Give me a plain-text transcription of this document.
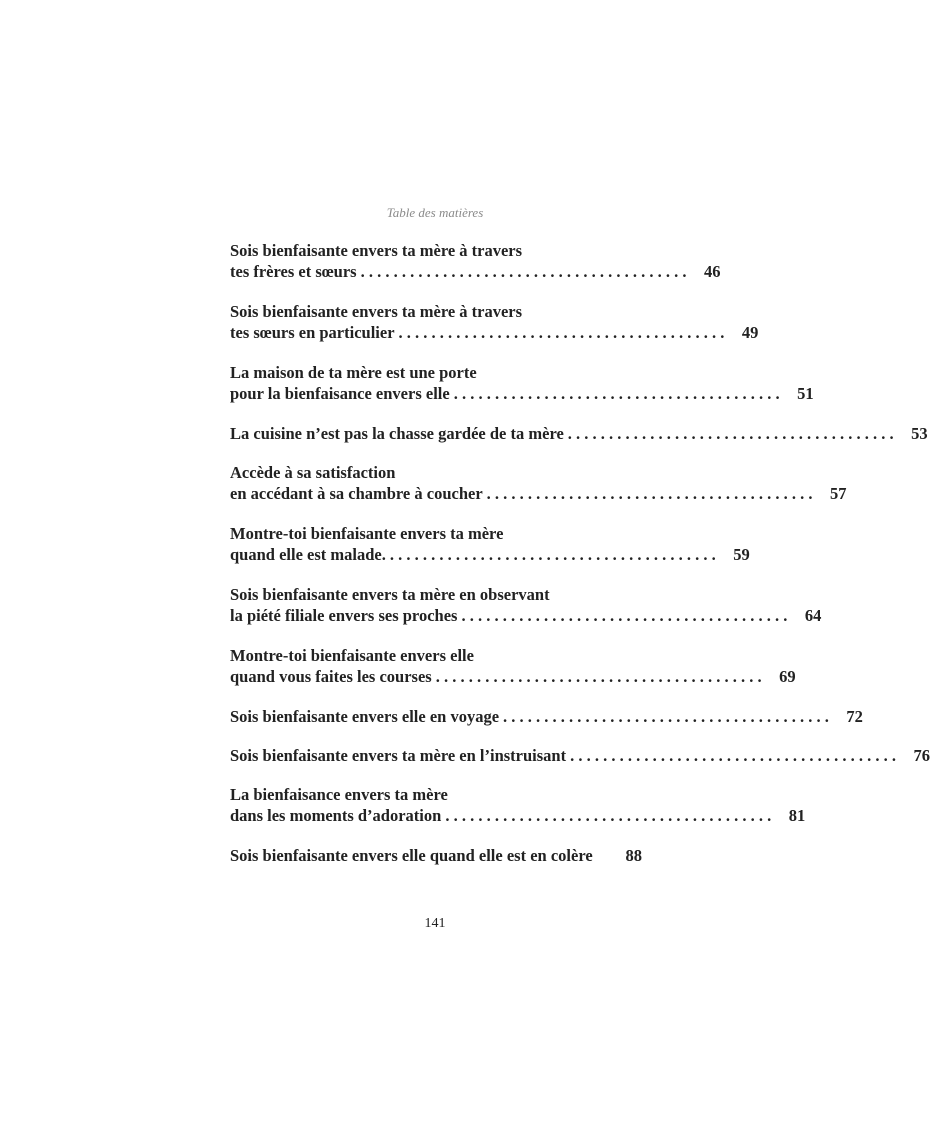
Table des matières
Sois bienfaisante envers ta mère à travers
tes frères et sœurs . . . . . . . . . . . . . . . . . . . . . . . . . . . . . . . . . . . . . . . .	46
Sois bienfaisante envers ta mère à travers
tes sœurs en particulier . . . . . . . . . . . . . . . . . . . . . . . . . . . . . . . . . . . . . . . .	49
La maison de ta mère est une porte
pour la bienfaisance envers elle . . . . . . . . . . . . . . . . . . . . . . . . . . . . . . . . . . . . . . . .	51
La cuisine n’est pas la chasse gardée de ta mère . . . . . . . . . . . . . . . . . . . . . . . . . . . . . . . . . . . . . . . .	53
Accède à sa satisfaction
en accédant à sa chambre à coucher . . . . . . . . . . . . . . . . . . . . . . . . . . . . . . . . . . . . . . . .	57
Montre-toi bienfaisante envers ta mère
quand elle est malade. . . . . . . . . . . . . . . . . . . . . . . . . . . . . . . . . . . . . . . . .	59
Sois bienfaisante envers ta mère en observant
la piété filiale envers ses proches . . . . . . . . . . . . . . . . . . . . . . . . . . . . . . . . . . . . . . . .	64
Montre-toi bienfaisante envers elle
quand vous faites les courses . . . . . . . . . . . . . . . . . . . . . . . . . . . . . . . . . . . . . . . .	69
Sois bienfaisante envers elle en voyage . . . . . . . . . . . . . . . . . . . . . . . . . . . . . . . . . . . . . . . .	72
Sois bienfaisante envers ta mère en l’instruisant . . . . . . . . . . . . . . . . . . . . . . . . . . . . . . . . . . . . . . . .	76
La bienfaisance envers ta mère
dans les moments d’adoration . . . . . . . . . . . . . . . . . . . . . . . . . . . . . . . . . . . . . . . .	81
Sois bienfaisante envers elle quand elle est en colère	88
141
